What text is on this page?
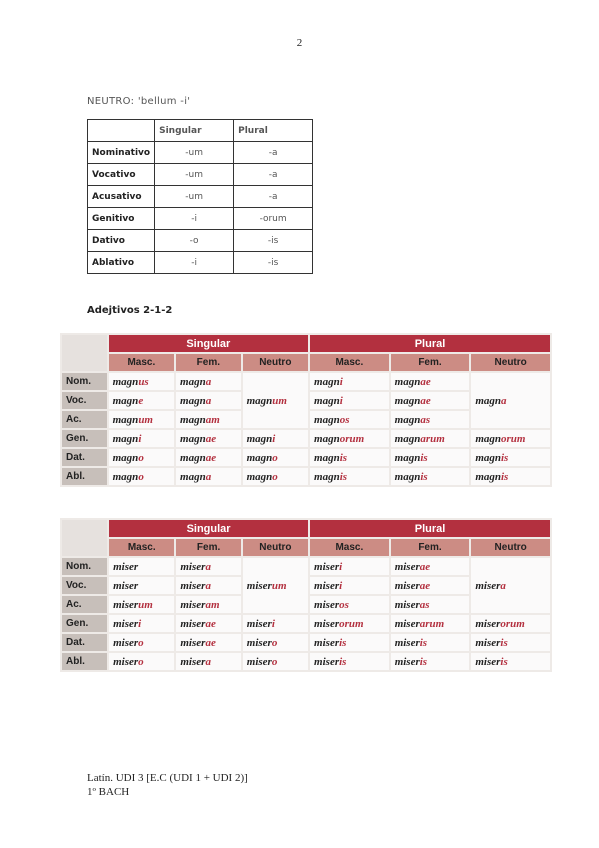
2
NEUTRO: 'bellum -i'
	Singular	Plural
Nominativo	-um	-a
Vocativo	-um	-a
Acusativo	-um	-a
Genitivo	-i	-orum
Dativo	-o	-is
Ablativo	-i	-is
Adejtivos 2-1-2
	Singular			Plural		
	Masc.	Fem.	Neutro	Masc.	Fem.	Neutro
Nom.	magnus	magna	magnum	magni	magnae	magna
Voc.	magne	magna		magni	magnae	
Ac.	magnum	magnam		magnos	magnas	
Gen.	magni	magnae	magni	magnorum	magnarum	magnorum
Dat.	magno	magnae	magno	magnis	magnis	magnis
Abl.	magno	magna	magno	magnis	magnis	magnis
	Singular			Plural		
	Masc.	Fem.	Neutro	Masc.	Fem.	Neutro
Nom.	miser	misera	miserum	miseri	miserae	misera
Voc.	miser	misera		miseri	miserae	
Ac.	miserum	miseram		miseros	miseras	
Gen.	miseri	miserae	miseri	miserorum	miserarum	miserorum
Dat.	misero	miserae	misero	miseris	miseris	miseris
Abl.	misero	misera	misero	miseris	miseris	miseris
Latín. UDI 3 [E.C (UDI 1 + UDI 2)]
1º BACH
